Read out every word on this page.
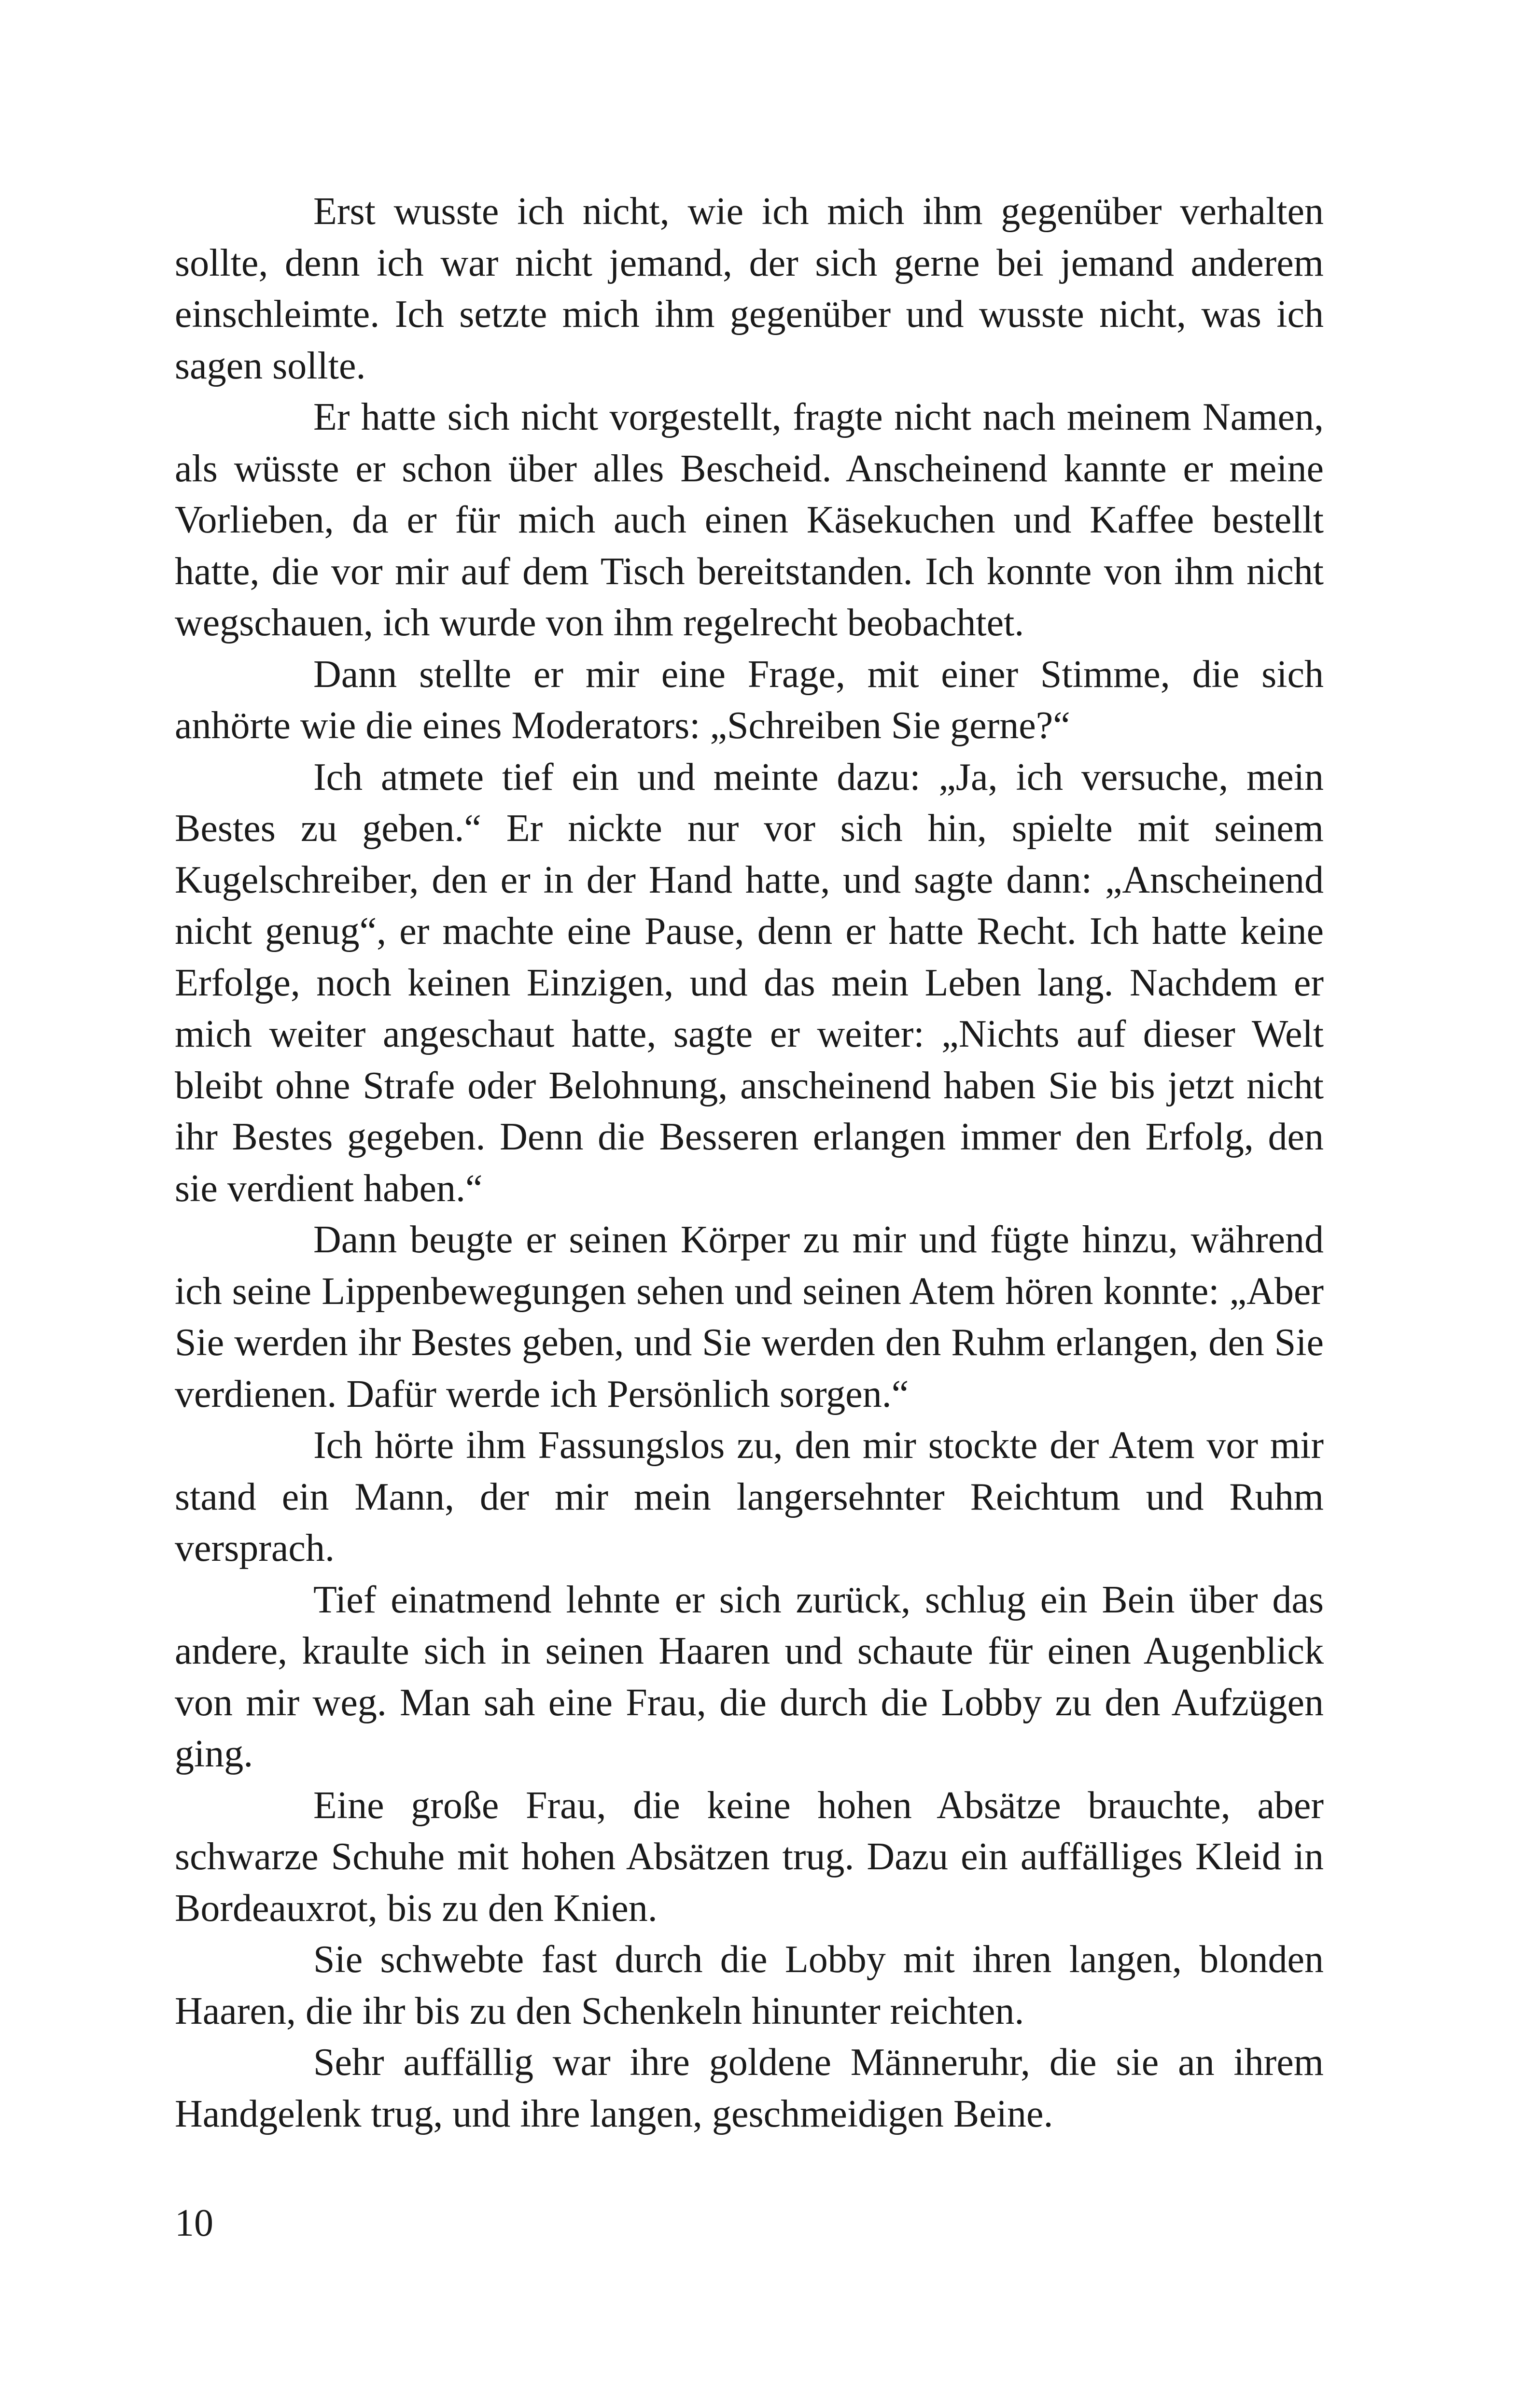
Erst wusste ich nicht, wie ich mich ihm gegenüber verhalten sollte, denn ich war nicht jemand, der sich gerne bei jemand anderem einschleimte. Ich setzte mich ihm gegenüber und wusste nicht, was ich sagen sollte.

Er hatte sich nicht vorgestellt, fragte nicht nach meinem Namen, als wüsste er schon über alles Bescheid. Anscheinend kannte er meine Vorlieben, da er für mich auch einen Käsekuchen und Kaffee bestellt hatte, die vor mir auf dem Tisch bereitstanden. Ich konnte von ihm nicht wegschauen, ich wurde von ihm regelrecht beobachtet.

Dann stellte er mir eine Frage, mit einer Stimme, die sich anhörte wie die eines Moderators: „Schreiben Sie gerne?“

Ich atmete tief ein und meinte dazu: „Ja, ich versuche, mein Bestes zu geben.“ Er nickte nur vor sich hin, spielte mit seinem Kugelschreiber, den er in der Hand hatte, und sagte dann: „Anscheinend nicht genug“, er machte eine Pause, denn er hatte Recht. Ich hatte keine Erfolge, noch keinen Einzigen, und das mein Leben lang. Nachdem er mich weiter angeschaut hatte, sagte er weiter: „Nichts auf dieser Welt bleibt ohne Strafe oder Belohnung, anscheinend haben Sie bis jetzt nicht ihr Bestes gegeben. Denn die Besseren erlangen immer den Erfolg, den sie verdient haben.“

Dann beugte er seinen Körper zu mir und fügte hinzu, während ich seine Lippenbewegungen sehen und seinen Atem hören konnte: „Aber Sie werden ihr Bestes geben, und Sie werden den Ruhm erlangen, den Sie verdienen. Dafür werde ich Persönlich sorgen.“

Ich hörte ihm Fassungslos zu, den mir stockte der Atem vor mir stand ein Mann, der mir mein langersehnter Reichtum und Ruhm versprach.

Tief einatmend lehnte er sich zurück, schlug ein Bein über das andere, kraulte sich in seinen Haaren und schaute für einen Augenblick von mir weg. Man sah eine Frau, die durch die Lobby zu den Aufzügen ging.

Eine große Frau, die keine hohen Absätze brauchte, aber schwarze Schuhe mit hohen Absätzen trug. Dazu ein auffälliges Kleid in Bordeauxrot, bis zu den Knien.

Sie schwebte fast durch die Lobby mit ihren langen, blonden Haaren, die ihr bis zu den Schenkeln hinunter reichten.

Sehr auffällig war ihre goldene Männeruhr, die sie an ihrem Handgelenk trug, und ihre langen, geschmeidigen Beine.

10
